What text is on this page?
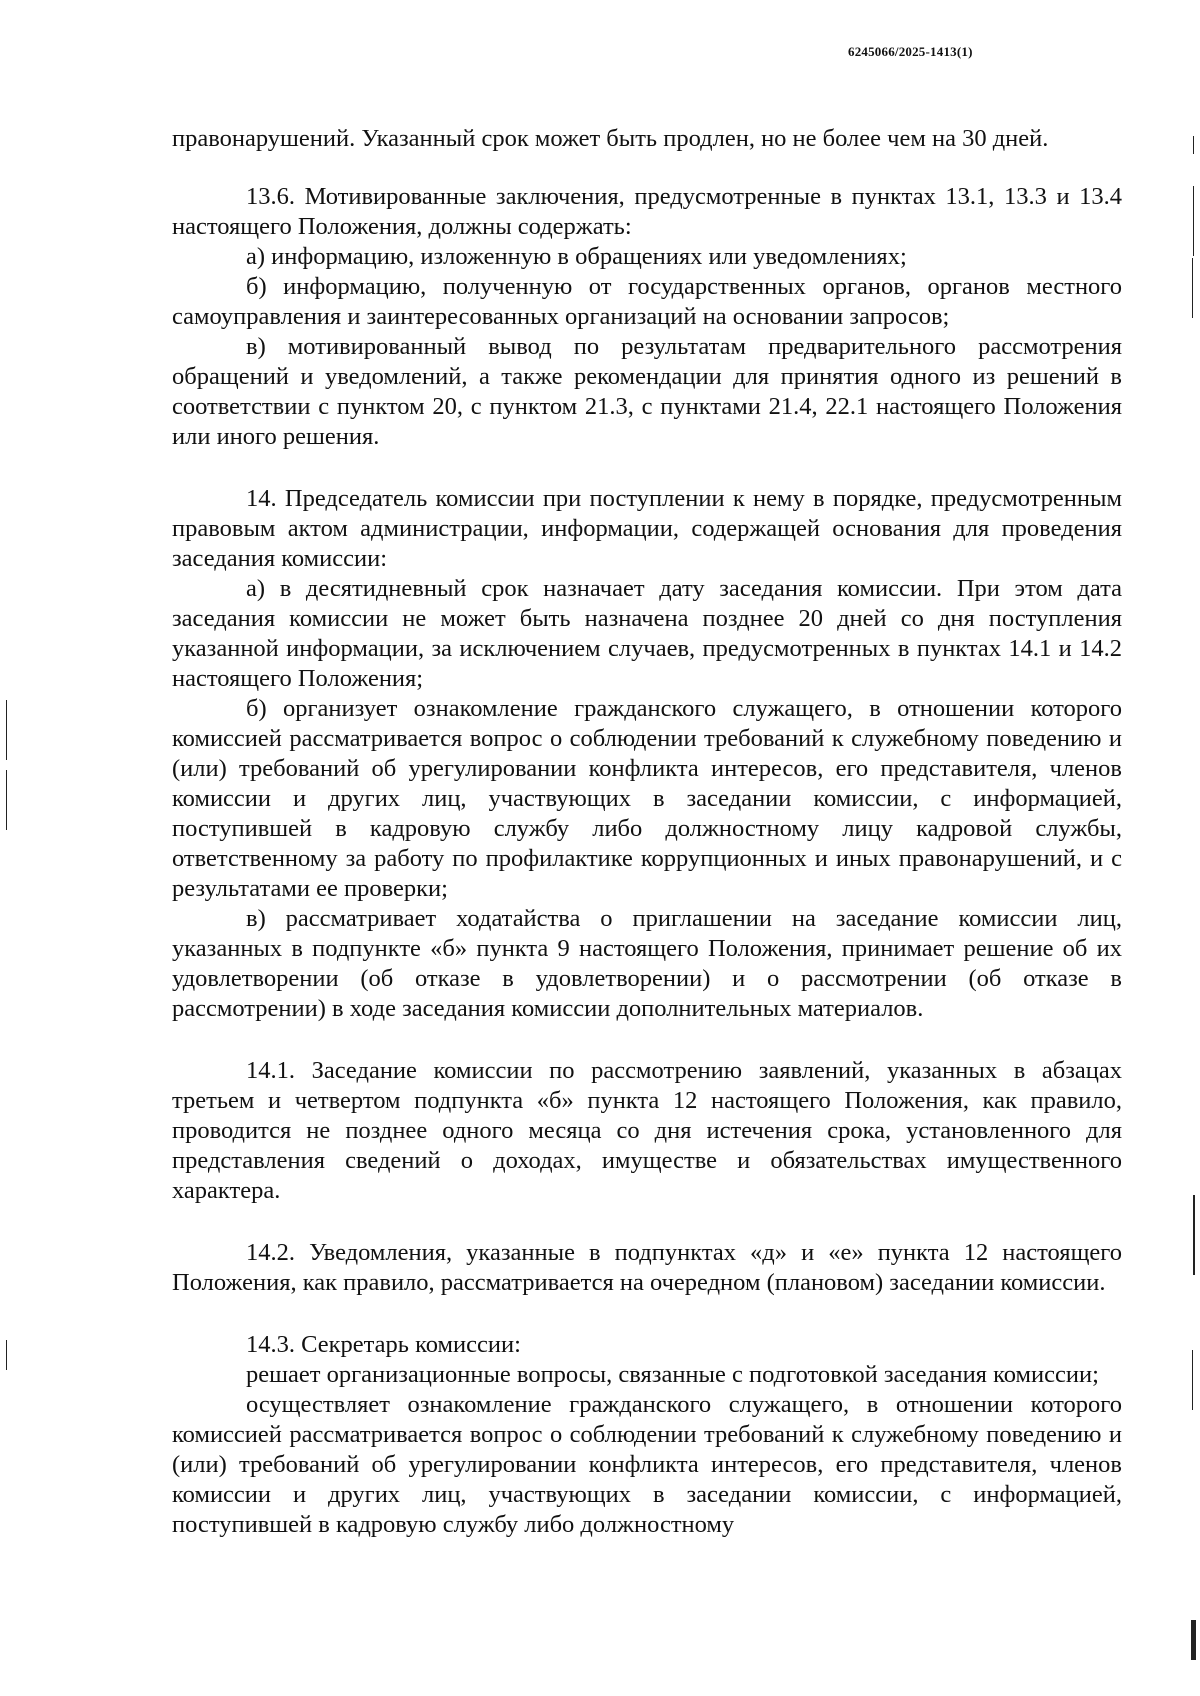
6245066/2025-1413(1)

правонарушений. Указанный срок может быть продлен, но не более чем на 30 дней.

13.6. Мотивированные заключения, предусмотренные в пунктах 13.1, 13.3 и 13.4 настоящего Положения, должны содержать:

а) информацию, изложенную в обращениях или уведомлениях;

б) информацию, полученную от государственных органов, органов местного самоуправления и заинтересованных организаций на основании запросов;

в) мотивированный вывод по результатам предварительного рассмотрения обращений и уведомлений, а также рекомендации для принятия одного из решений в соответствии с пунктом 20, с пунктом 21.3, с пунктами 21.4, 22.1 настоящего Положения или иного решения.

14. Председатель комиссии при поступлении к нему в порядке, предусмотренным правовым актом администрации, информации, содержащей основания для проведения заседания комиссии:

а) в десятидневный срок назначает дату заседания комиссии. При этом дата заседания комиссии не может быть назначена позднее 20 дней со дня поступления указанной информации, за исключением случаев, предусмотренных в пунктах 14.1 и 14.2 настоящего Положения;

б) организует ознакомление гражданского служащего, в отношении которого комиссией рассматривается вопрос о соблюдении требований к служебному поведению и (или) требований об урегулировании конфликта интересов, его представителя, членов комиссии и других лиц, участвующих в заседании комиссии, с информацией, поступившей в кадровую службу либо должностному лицу кадровой службы, ответственному за работу по профилактике коррупционных и иных правонарушений, и с результатами ее проверки;

в) рассматривает ходатайства о приглашении на заседание комиссии лиц, указанных в подпункте «б» пункта 9 настоящего Положения, принимает решение об их удовлетворении (об отказе в удовлетворении) и о рассмотрении (об отказе в рассмотрении) в ходе заседания комиссии дополнительных материалов.

14.1. Заседание комиссии по рассмотрению заявлений, указанных в абзацах третьем и четвертом подпункта «б» пункта 12 настоящего Положения, как правило, проводится не позднее одного месяца со дня истечения срока, установленного для представления сведений о доходах, имуществе и обязательствах имущественного характера.

14.2. Уведомления, указанные в подпунктах «д» и «е» пункта 12 настоящего Положения, как правило, рассматривается на очередном (плановом) заседании комиссии.

14.3. Секретарь комиссии:

решает организационные вопросы, связанные с подготовкой заседания комиссии;

осуществляет ознакомление гражданского служащего, в отношении которого комиссией рассматривается вопрос о соблюдении требований к служебному поведению и (или) требований об урегулировании конфликта интересов, его представителя, членов комиссии и других лиц, участвующих в заседании комиссии, с информацией, поступившей в кадровую службу либо должностному
